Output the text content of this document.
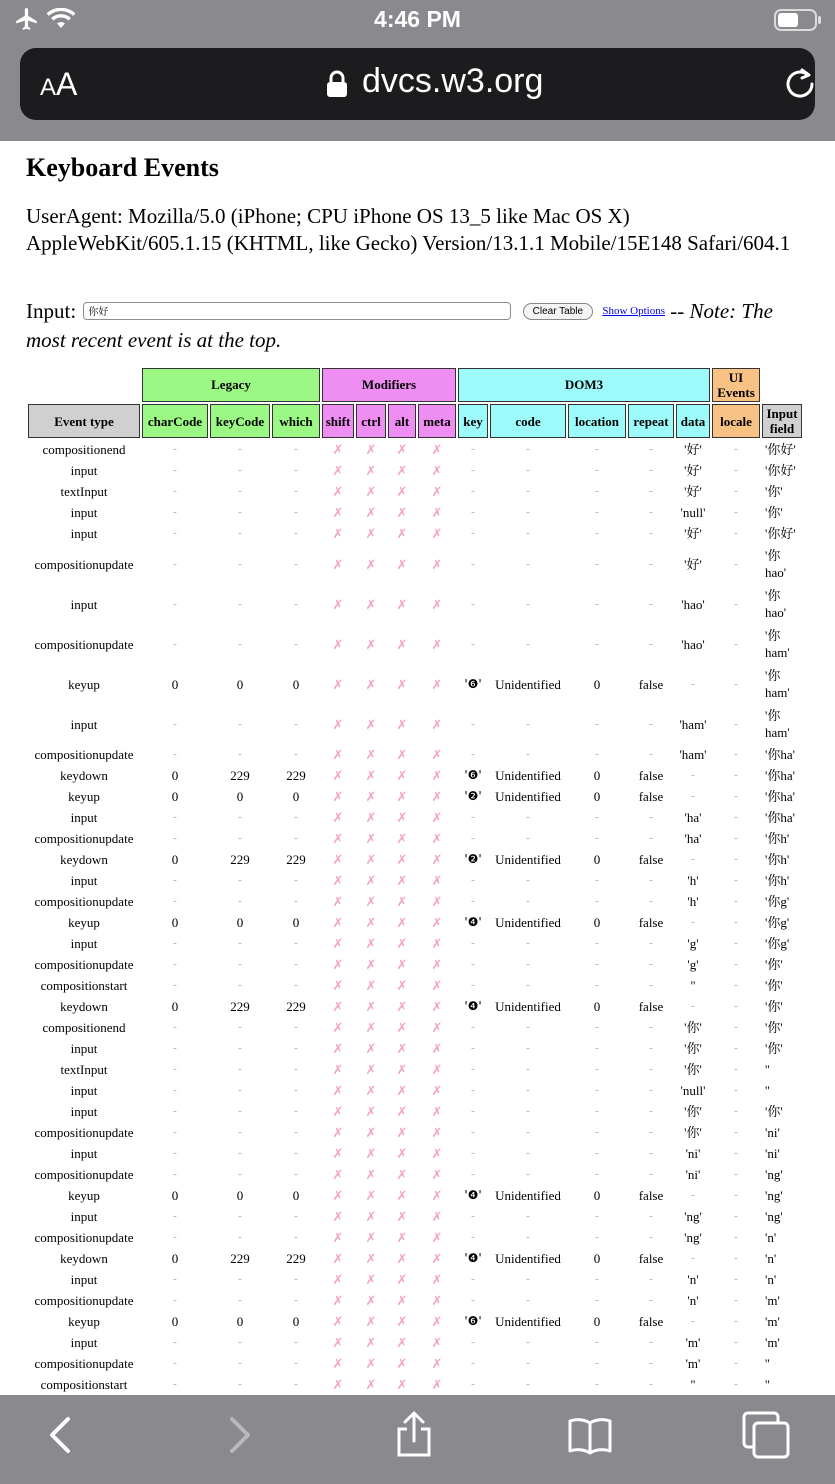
4:46 PM
AA	dvcs.w3.org
Keyboard Events

UserAgent: Mozilla/5.0 (iPhone; CPU iPhone OS 13_5 like Mac OS X) AppleWebKit/605.1.15 (KHTML, like Gecko) Version/13.1.1 Mobile/15E148 Safari/604.1

Input: 你好	Clear Table Show Options -- Note: The most recent event is at the top.
	Legacy			Modifiers				DOM3					UI Events	
Event type	charCode	keyCode	which	shift	ctrl	alt	meta	key	code	location	repeat	data	locale	Input field
compositionend	-	-	-	✗	✗	✗	✗	-	-	-	-	'好'	-	'你好'
input	-	-	-	✗	✗	✗	✗	-	-	-	-	'好'	-	'你好'
textInput	-	-	-	✗	✗	✗	✗	-	-	-	-	'好'	-	'你'
input	-	-	-	✗	✗	✗	✗	-	-	-	-	'null'	-	'你'
input	-	-	-	✗	✗	✗	✗	-	-	-	-	'好'	-	'你好'
compositionupdate	-	-	-	✗	✗	✗	✗	-	-	-	-	'好'	-	'你 hao'
input	-	-	-	✗	✗	✗	✗	-	-	-	-	'hao'	-	'你 hao'
compositionupdate	-	-	-	✗	✗	✗	✗	-	-	-	-	'hao'	-	'你 ham'
keyup	0	0	0	✗	✗	✗	✗	'❻'	Unidentified	0	false	-	-	'你 ham'
input	-	-	-	✗	✗	✗	✗	-	-	-	-	'ham'	-	'你 ham'
compositionupdate	-	-	-	✗	✗	✗	✗	-	-	-	-	'ham'	-	'你ha'
keydown	0	229	229	✗	✗	✗	✗	'❻'	Unidentified	0	false	-	-	'你ha'
keyup	0	0	0	✗	✗	✗	✗	'❷'	Unidentified	0	false	-	-	'你ha'
input	-	-	-	✗	✗	✗	✗	-	-	-	-	'ha'	-	'你ha'
compositionupdate	-	-	-	✗	✗	✗	✗	-	-	-	-	'ha'	-	'你h'
keydown	0	229	229	✗	✗	✗	✗	'❷'	Unidentified	0	false	-	-	'你h'
input	-	-	-	✗	✗	✗	✗	-	-	-	-	'h'	-	'你h'
compositionupdate	-	-	-	✗	✗	✗	✗	-	-	-	-	'h'	-	'你g'
keyup	0	0	0	✗	✗	✗	✗	'❹'	Unidentified	0	false	-	-	'你g'
input	-	-	-	✗	✗	✗	✗	-	-	-	-	'g'	-	'你g'
compositionupdate	-	-	-	✗	✗	✗	✗	-	-	-	-	'g'	-	'你'
compositionstart	-	-	-	✗	✗	✗	✗	-	-	-	-	''	-	'你'
keydown	0	229	229	✗	✗	✗	✗	'❹'	Unidentified	0	false	-	-	'你'
compositionend	-	-	-	✗	✗	✗	✗	-	-	-	-	'你'	-	'你'
input	-	-	-	✗	✗	✗	✗	-	-	-	-	'你'	-	'你'
textInput	-	-	-	✗	✗	✗	✗	-	-	-	-	'你'	-	''
input	-	-	-	✗	✗	✗	✗	-	-	-	-	'null'	-	''
input	-	-	-	✗	✗	✗	✗	-	-	-	-	'你'	-	'你'
compositionupdate	-	-	-	✗	✗	✗	✗	-	-	-	-	'你'	-	'ni'
input	-	-	-	✗	✗	✗	✗	-	-	-	-	'ni'	-	'ni'
compositionupdate	-	-	-	✗	✗	✗	✗	-	-	-	-	'ni'	-	'ng'
keyup	0	0	0	✗	✗	✗	✗	'❹'	Unidentified	0	false	-	-	'ng'
input	-	-	-	✗	✗	✗	✗	-	-	-	-	'ng'	-	'ng'
compositionupdate	-	-	-	✗	✗	✗	✗	-	-	-	-	'ng'	-	'n'
keydown	0	229	229	✗	✗	✗	✗	'❹'	Unidentified	0	false	-	-	'n'
input	-	-	-	✗	✗	✗	✗	-	-	-	-	'n'	-	'n'
compositionupdate	-	-	-	✗	✗	✗	✗	-	-	-	-	'n'	-	'm'
keyup	0	0	0	✗	✗	✗	✗	'❻'	Unidentified	0	false	-	-	'm'
input	-	-	-	✗	✗	✗	✗	-	-	-	-	'm'	-	'm'
compositionupdate	-	-	-	✗	✗	✗	✗	-	-	-	-	'm'	-	''
compositionstart	-	-	-	✗	✗	✗	✗	-	-	-	-	''	-	''
